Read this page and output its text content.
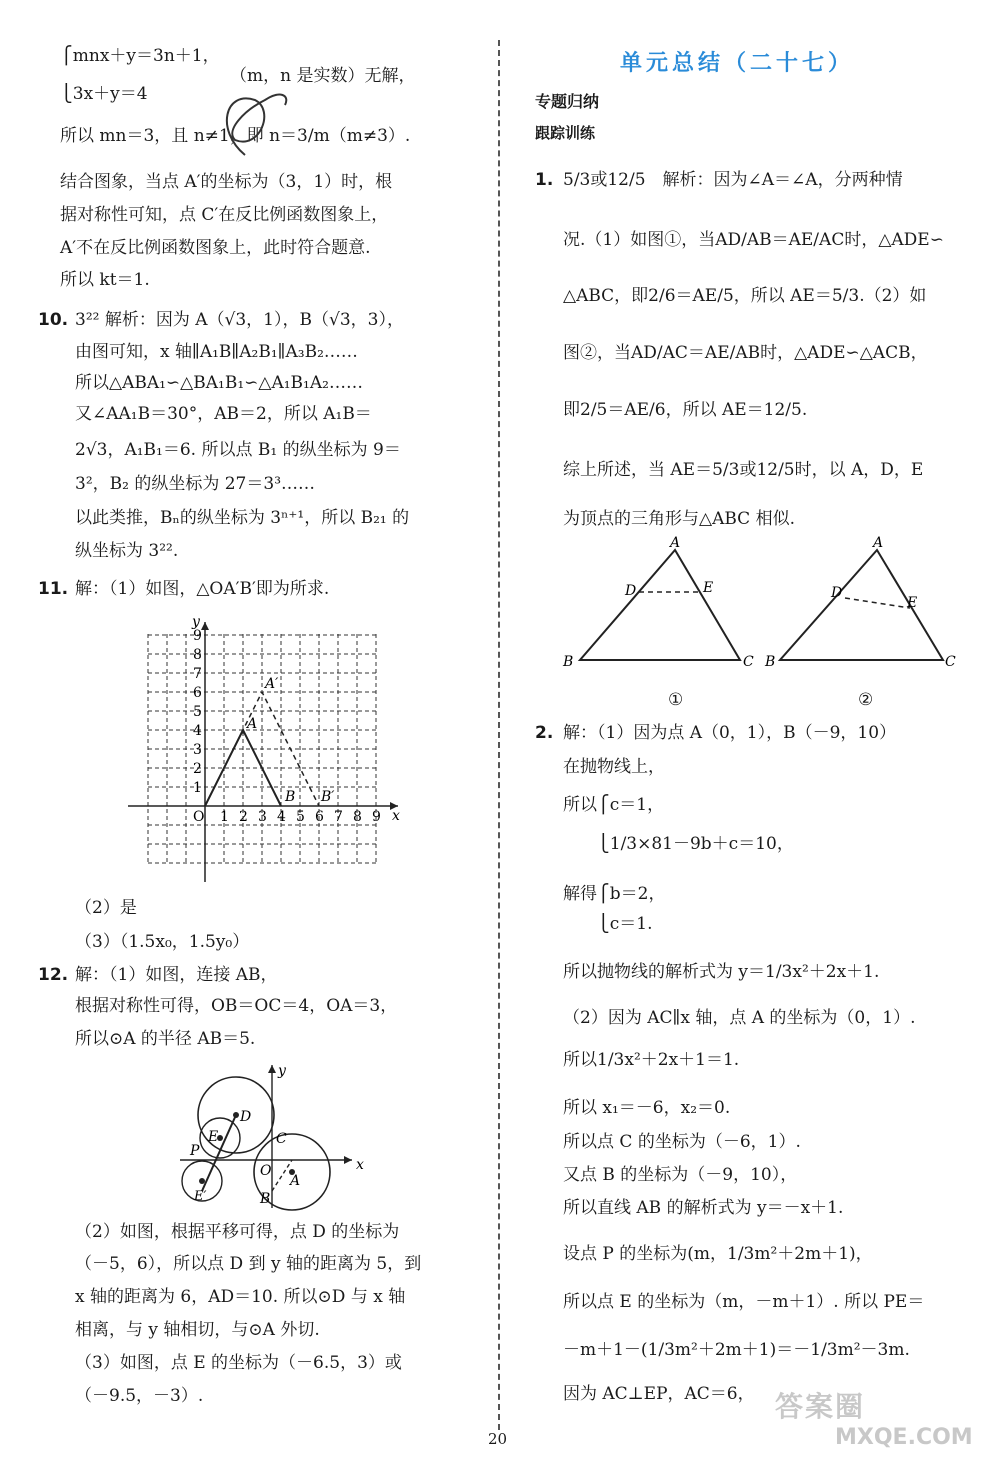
⎧mnx＋y＝3n＋1，
（m，n 是实数）无解，
⎩3x＋y＝4
所以 mn＝3，且 n≠1，即 n＝3/m（m≠3）.
结合图象，当点 A′的坐标为（3，1）时，根
据对称性可知，点 C′在反比例函数图象上，
A′不在反比例函数图象上，此时符合题意.
所以 kt＝1.
10. 3²² 解析：因为 A（√3，1），B（√3，3），
由图可知，x 轴∥A₁B∥A₂B₁∥A₃B₂……
所以△ABA₁∽△BA₁B₁∽△A₁B₁A₂……
又∠AA₁B＝30°，AB＝2，所以 A₁B＝
2√3，A₁B₁＝6. 所以点 B₁ 的纵坐标为 9＝
3²，B₂ 的纵坐标为 27＝3³……
以此类推，Bₙ的纵坐标为 3ⁿ⁺¹，所以 B₂₁ 的
纵坐标为 3²².
11. 解：（1）如图，△OA′B′即为所求.
（2）是
（3）（1.5x₀，1.5y₀）
12. 解：（1）如图，连接 AB，
根据对称性可得，OB＝OC＝4，OA＝3，
所以⊙A 的半径 AB＝5.
（2）如图，根据平移可得，点 D 的坐标为
（－5，6），所以点 D 到 y 轴的距离为 5，到
x 轴的距离为 6，AD＝10. 所以⊙D 与 x 轴
相离，与 y 轴相切，与⊙A 外切.
（3）如图，点 E 的坐标为（－6.5，3）或
（－9.5，－3）.
x
y
O 1 2 3 4 5 6 7 8 9
1
2
3
4
5
6
7
8
9
A
A′
B B′
x
y
D
E
P
C
O
A
B
E′
单元总结（二十七）
专题归纳
跟踪训练
1. 5/3或12/5　解析：因为∠A＝∠A，分两种情
况.（1）如图①，当AD/AB＝AE/AC时，△ADE∽
△ABC，即2/6＝AE/5，所以 AE＝5/3.（2）如
图②，当AD/AC＝AE/AB时，△ADE∽△ACB，
即2/5＝AE/6，所以 AE＝12/5.
综上所述，当 AE＝5/3或12/5时，以 A，D，E
为顶点的三角形与△ABC 相似.
①	②
2. 解：（1）因为点 A（0，1），B（－9，10）
在抛物线上，
所以⎧c＝1，
　　⎩1/3×81－9b＋c＝10，
解得⎧b＝2，
　　⎩c＝1.
所以抛物线的解析式为 y＝1/3x²＋2x＋1.
（2）因为 AC∥x 轴，点 A 的坐标为（0，1）.
所以1/3x²＋2x＋1＝1.
所以 x₁＝－6，x₂＝0.
所以点 C 的坐标为（－6，1）.
又点 B 的坐标为（－9，10），
所以直线 AB 的解析式为 y＝－x＋1.
设点 P 的坐标为(m，1/3m²＋2m＋1)，
所以点 E 的坐标为（m，－m＋1）. 所以 PE＝
－m＋1－(1/3m²＋2m＋1)＝－1/3m²－3m.
因为 AC⊥EP，AC＝6，
A
D	E
B	C
A
D
E
B	C
20
答案圈
MXQE.COM
